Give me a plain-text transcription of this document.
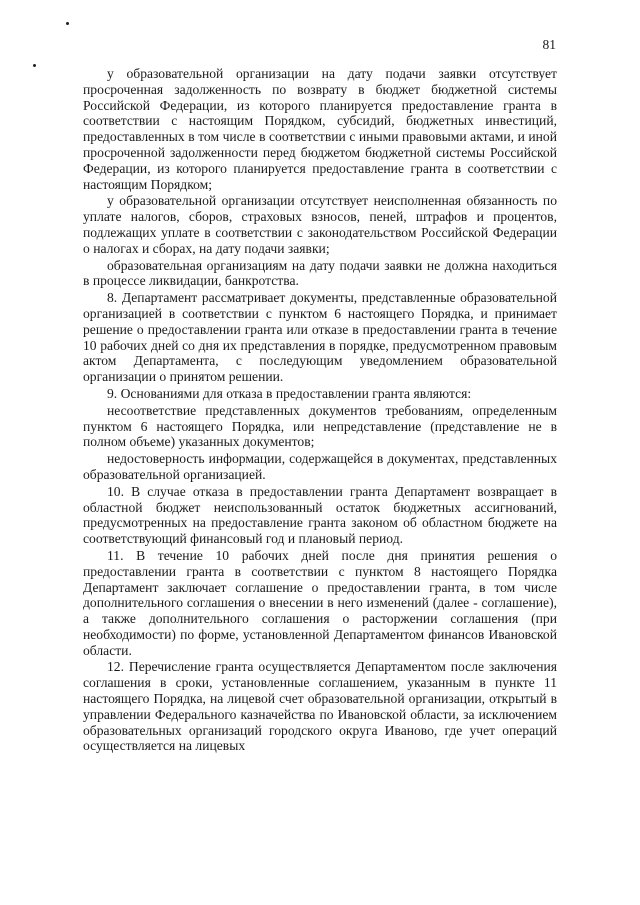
81

у образовательной организации на дату подачи заявки отсутствует просроченная задолженность по возврату в бюджет бюджетной системы Российской Федерации, из которого планируется предоставление гранта в соответствии с настоящим Порядком, субсидий, бюджетных инвестиций, предоставленных в том числе в соответствии с иными правовыми актами, и иной просроченной задолженности перед бюджетом бюджетной системы Российской Федерации, из которого планируется предоставление гранта в соответствии с настоящим Порядком;

у образовательной организации отсутствует неисполненная обязанность по уплате налогов, сборов, страховых взносов, пеней, штрафов и процентов, подлежащих уплате в соответствии с законодательством Российской Федерации о налогах и сборах, на дату подачи заявки;

образовательная организациям на дату подачи заявки не должна находиться в процессе ликвидации, банкротства.

8. Департамент рассматривает документы, представленные образовательной организацией в соответствии с пунктом 6 настоящего Порядка, и принимает решение о предоставлении гранта или отказе в предоставлении гранта в течение 10 рабочих дней со дня их представления в порядке, предусмотренном правовым актом Департамента, с последующим уведомлением образовательной организации о принятом решении.

9. Основаниями для отказа в предоставлении гранта являются:

несоответствие представленных документов требованиям, определенным пунктом 6 настоящего Порядка, или непредставление (представление не в полном объеме) указанных документов;

недостоверность информации, содержащейся в документах, представленных образовательной организацией.

10. В случае отказа в предоставлении гранта Департамент возвращает в областной бюджет неиспользованный остаток бюджетных ассигнований, предусмотренных на предоставление гранта законом об областном бюджете на соответствующий финансовый год и плановый период.

11. В течение 10 рабочих дней после дня принятия решения о предоставлении гранта в соответствии с пунктом 8 настоящего Порядка Департамент заключает соглашение о предоставлении гранта, в том числе дополнительного соглашения о внесении в него изменений (далее - соглашение), а также дополнительного соглашения о расторжении соглашения (при необходимости) по форме, установленной Департаментом финансов Ивановской области.

12. Перечисление гранта осуществляется Департаментом после заключения соглашения в сроки, установленные соглашением, указанным в пункте 11 настоящего Порядка, на лицевой счет образовательной организации, открытый в управлении Федерального казначейства по Ивановской области, за исключением образовательных организаций городского округа Иваново, где учет операций осуществляется на лицевых
